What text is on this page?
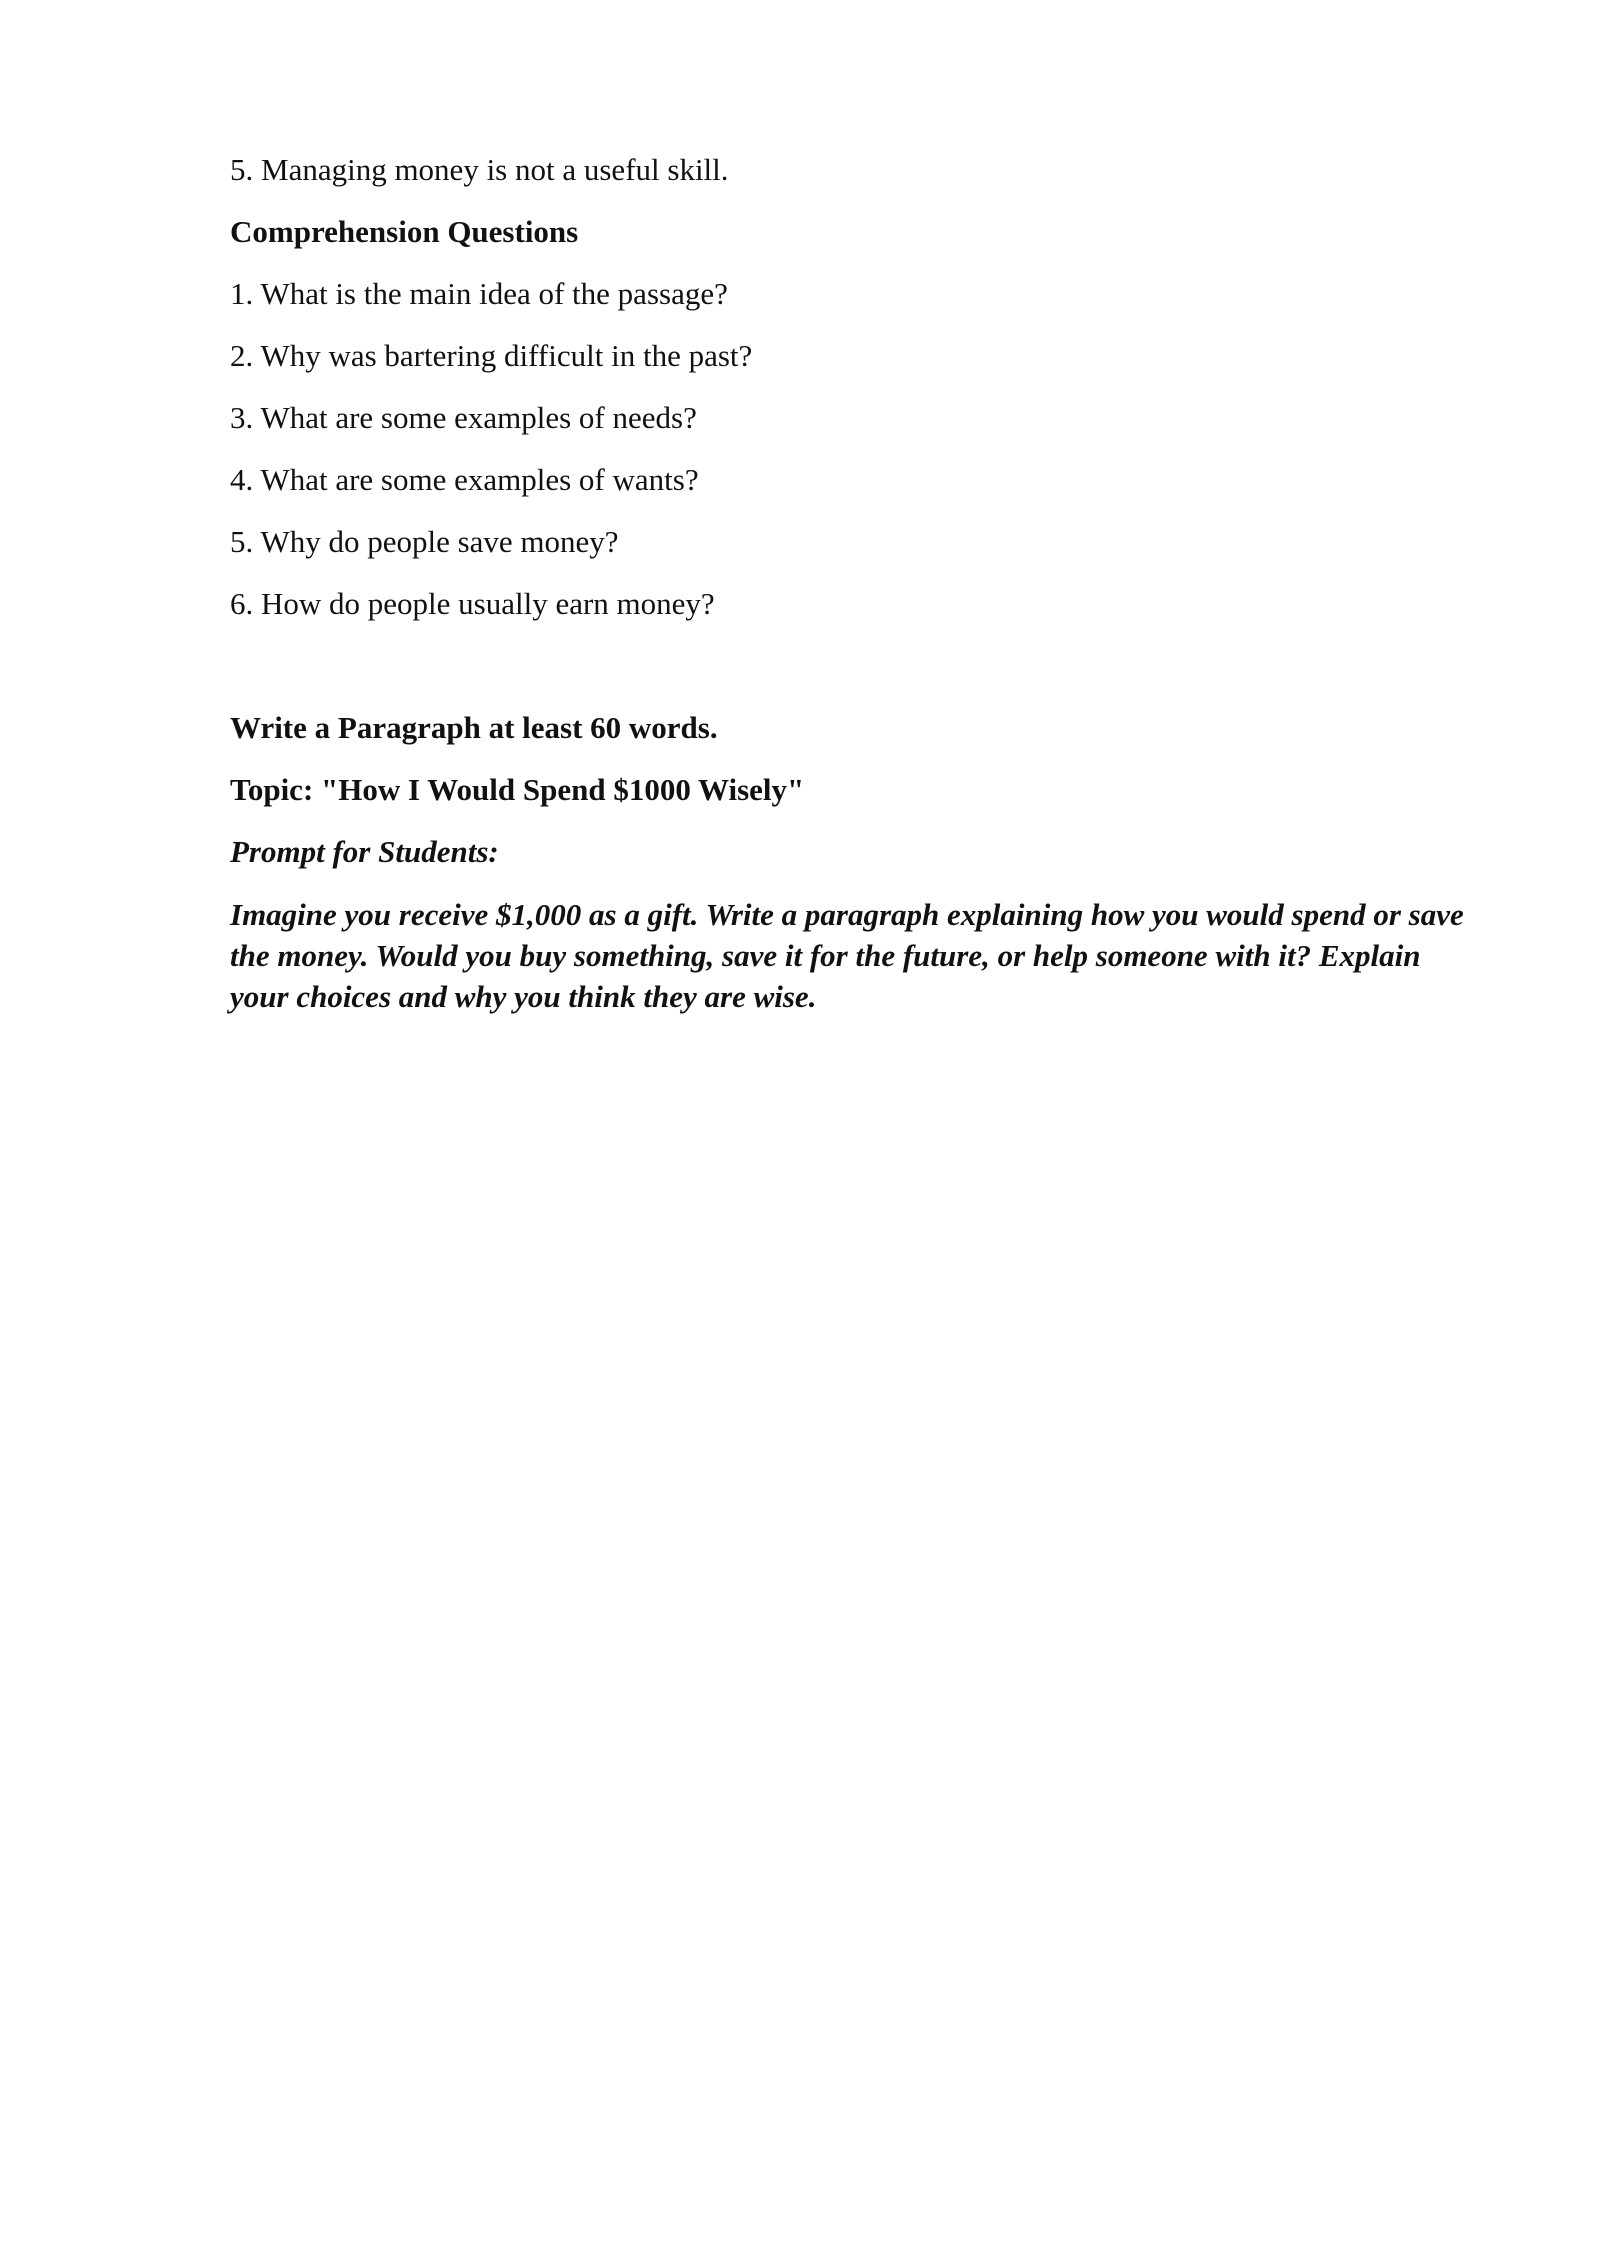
5. Managing money is not a useful skill.

Comprehension Questions

1. What is the main idea of the passage?

2. Why was bartering difficult in the past?

3. What are some examples of needs?

4. What are some examples of wants?

5. Why do people save money?

6. How do people usually earn money?

Write a Paragraph at least 60 words.

Topic: "How I Would Spend $1000 Wisely"

Prompt for Students:

Imagine you receive $1,000 as a gift. Write a paragraph explaining how you would spend or save the money. Would you buy something, save it for the future, or help someone with it? Explain your choices and why you think they are wise.
